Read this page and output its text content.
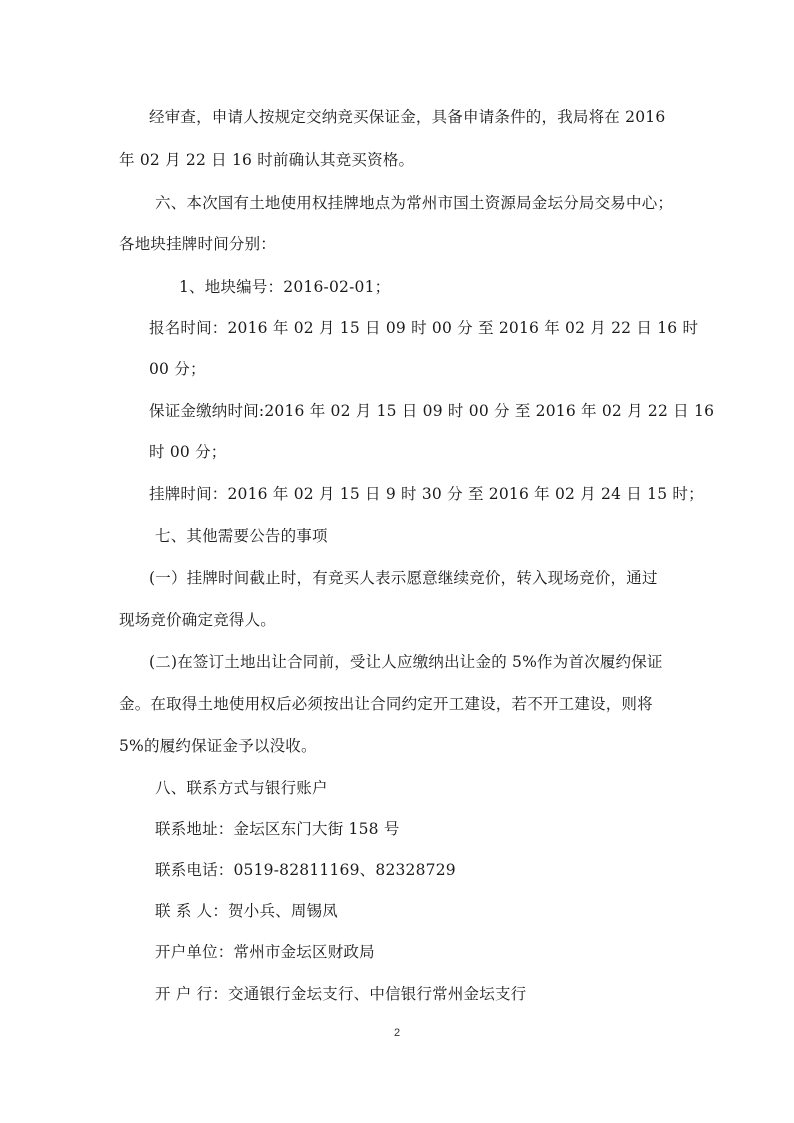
经审查，申请人按规定交纳竞买保证金，具备申请条件的，我局将在 2016
年 02 月 22 日 16 时前确认其竞买资格。
六、本次国有土地使用权挂牌地点为常州市国土资源局金坛分局交易中心；
各地块挂牌时间分别：
1、地块编号：2016-02-01；
报名时间：2016 年 02 月 15 日 09 时 00 分 至 2016 年 02 月 22 日 16 时
00 分；
保证金缴纳时间:2016 年 02 月 15 日 09 时 00 分 至 2016 年 02 月 22 日 16
时 00 分；
挂牌时间：2016 年 02 月 15 日 9 时 30 分 至 2016 年 02 月 24 日 15 时；
七、其他需要公告的事项
(一）挂牌时间截止时，有竞买人表示愿意继续竞价，转入现场竞价，通过
现场竞价确定竞得人。
(二)在签订土地出让合同前，受让人应缴纳出让金的 5%作为首次履约保证
金。在取得土地使用权后必须按出让合同约定开工建设，若不开工建设，则将
5%的履约保证金予以没收。
八、联系方式与银行账户
联系地址：金坛区东门大街 158 号
联系电话：0519-82811169、82328729
联 系 人：贺小兵、周锡凤
开户单位：常州市金坛区财政局
开 户 行：交通银行金坛支行、中信银行常州金坛支行
2
